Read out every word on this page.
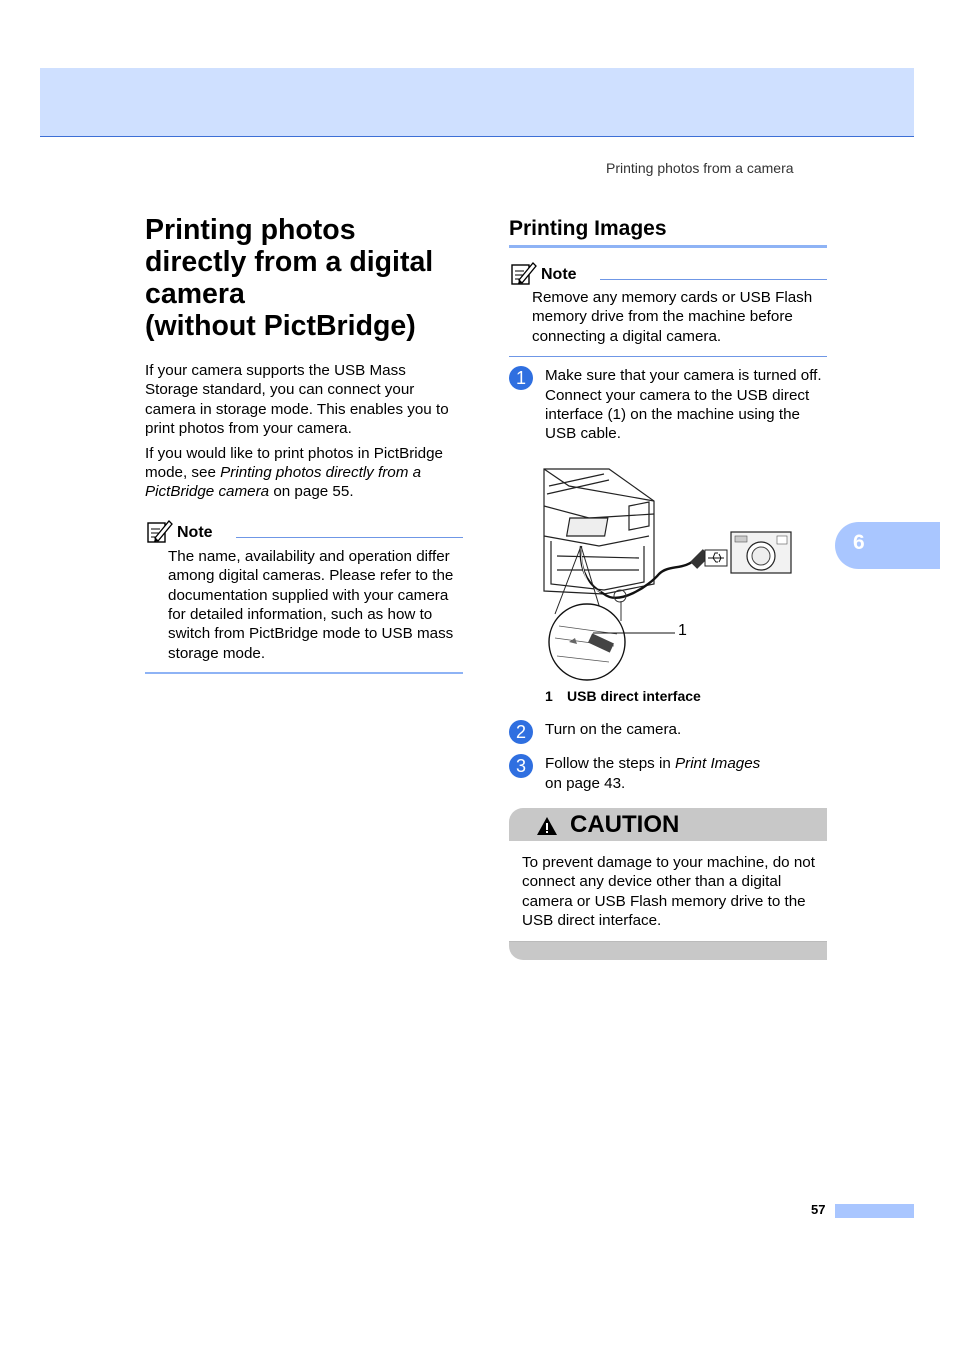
Printing photos from a camera
6
Printing photos
directly from a digital
camera
(without PictBridge)

If your camera supports the USB Mass Storage standard, you can connect your camera in storage mode. This enables you to print photos from your camera.

If you would like to print photos in PictBridge mode, see Printing photos directly from a PictBridge camera on page 55.

Note
The name, availability and operation differ among digital cameras. Please refer to the documentation supplied with your camera for detailed information, such as how to switch from PictBridge mode to USB mass storage mode.
Printing Images
Note
Remove any memory cards or USB Flash memory drive from the machine before connecting a digital camera.
1	Make sure that your camera is turned off. Connect your camera to the USB direct interface (1) on the machine using the USB cable.
1
1 USB direct interface
2	Turn on the camera.
3	Follow the steps in Print Images
on page 43.
CAUTION
To prevent damage to your machine, do not connect any device other than a digital camera or USB Flash memory drive to the USB direct interface.
57
